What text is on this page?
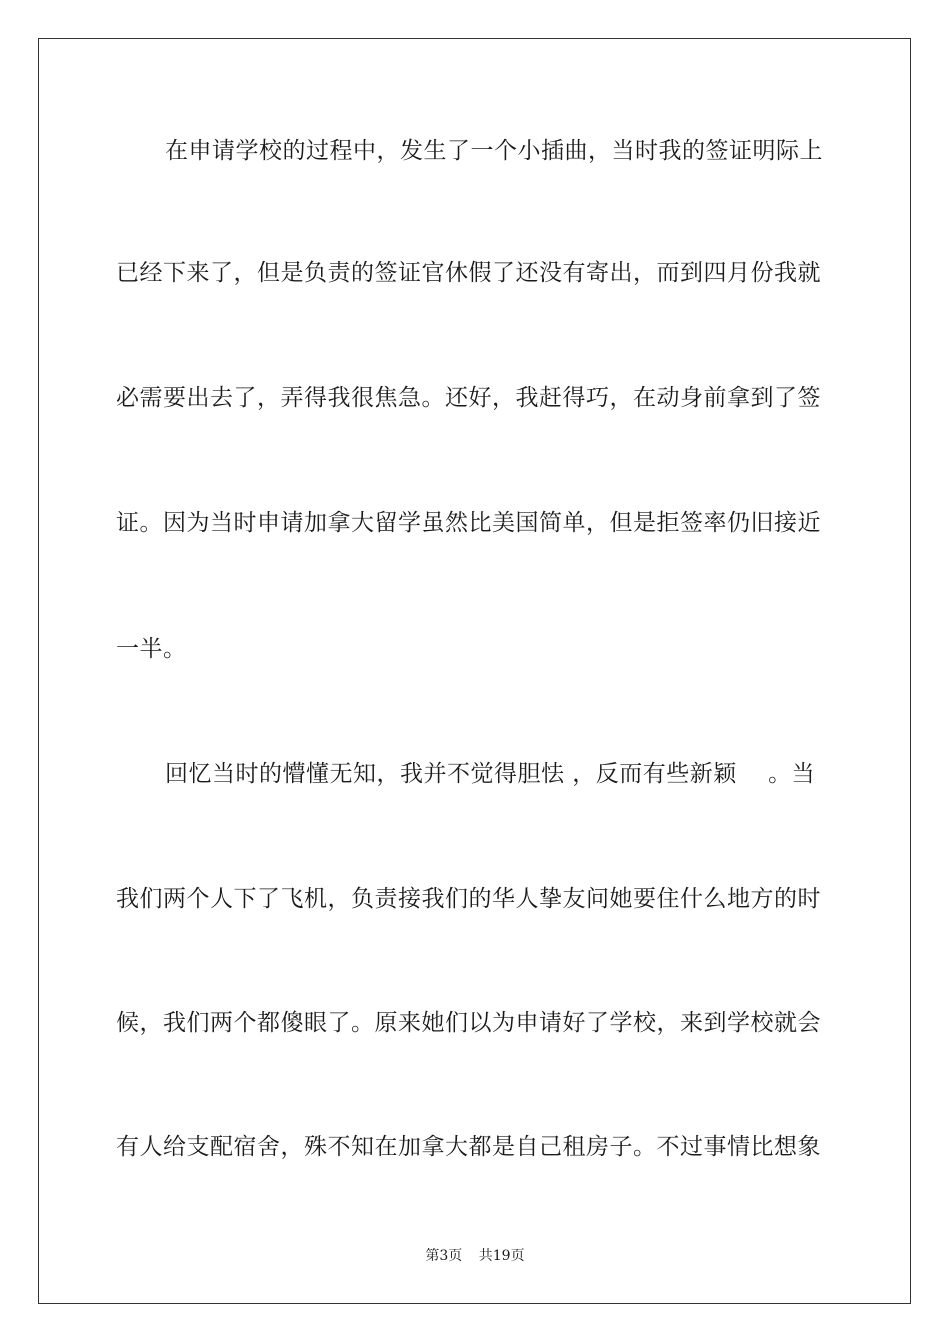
在申请学校的过程中，发生了一个小插曲，当时我的签证明际上
已经下来了，但是负责的签证官休假了还没有寄出，而到四月份我就
必需要出去了，弄得我很焦急。还好，我赶得巧，在动身前拿到了签
证。因为当时申请加拿大留学虽然比美国简单，但是拒签率仍旧接近
一半。
回忆当时的懵懂无知，我并不觉得胆怯 ，反而有些新颖　 。当
我们两个人下了飞机，负责接我们的华人挚友问她要住什么地方的时
候，我们两个都傻眼了。原来她们以为申请好了学校，来到学校就会
有人给支配宿舍，殊不知在加拿大都是自己租房子。不过事情比想象
第3页 共19页
